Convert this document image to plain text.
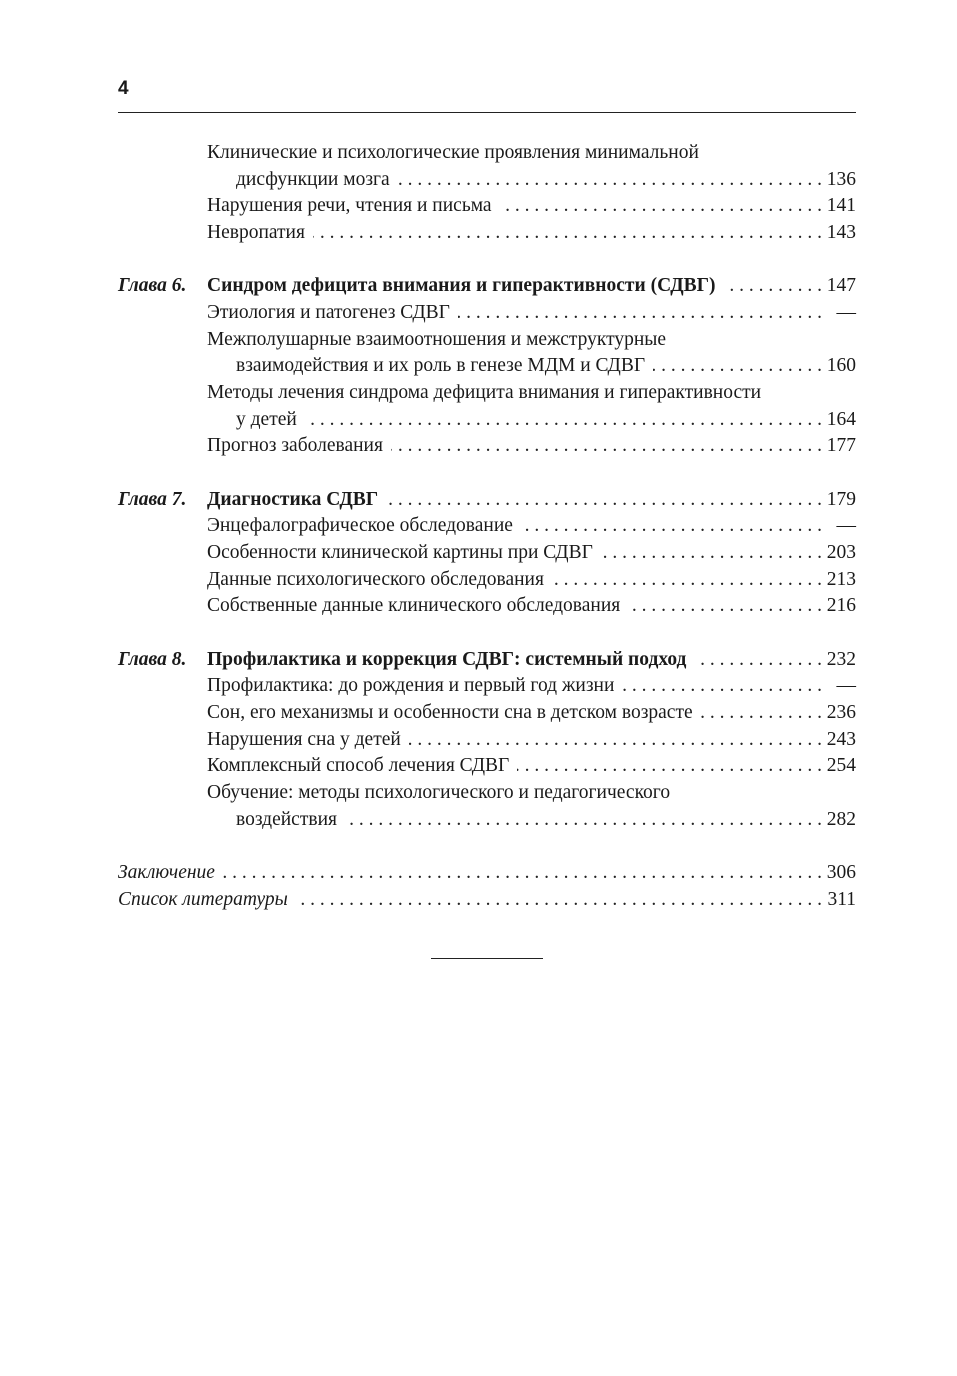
4
Клинические и психологические проявления минимальной
дисфункции мозга . . .	136
Нарушения речи, чтения и письма . . .	141
Невропатия . . .	143
Глава 6.	Синдром дефицита внимания и гиперактивности (СДВГ) . . .	147
Этиология и патогенез СДВГ . . .	—
Межполушарные взаимоотношения и межструктурные
взаимодействия и их роль в генезе МДМ и СДВГ . . .	160
Методы лечения синдрома дефицита внимания и гиперактивности
у детей . . .	164
Прогноз заболевания . . .	177
Глава 7.	Диагностика СДВГ . . .	179
Энцефалографическое обследование . . .	—
Особенности клинической картины при СДВГ . . .	203
Данные психологического обследования . . .	213
Собственные данные клинического обследования . . .	216
Глава 8.	Профилактика и коррекция СДВГ: системный подход . . .	232
Профилактика: до рождения и первый год жизни . . .	—
Сон, его механизмы и особенности сна в детском возрасте . . .	236
Нарушения сна у детей . . .	243
Комплексный способ лечения СДВГ . . .	254
Обучение: методы психологического и педагогического
воздействия . . .	282
Заключение . . .	306
Список литературы . . .	311
